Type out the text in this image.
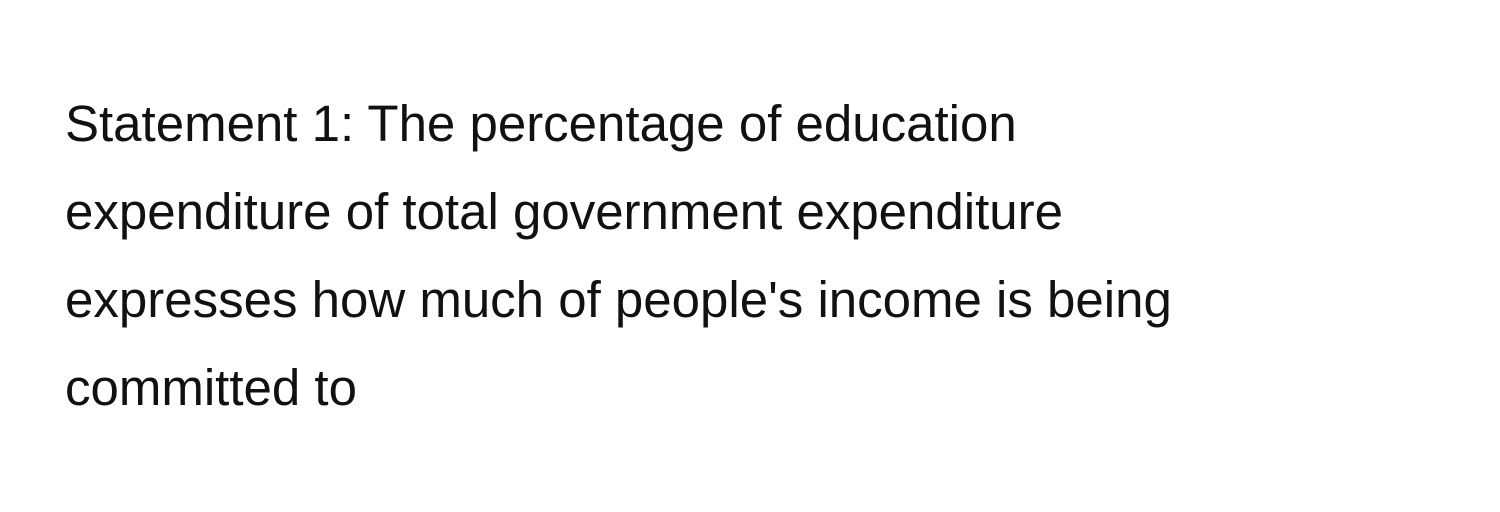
Statement 1: The percentage of education
expenditure of total government expenditure
expresses how much of people's income is being
committed to
